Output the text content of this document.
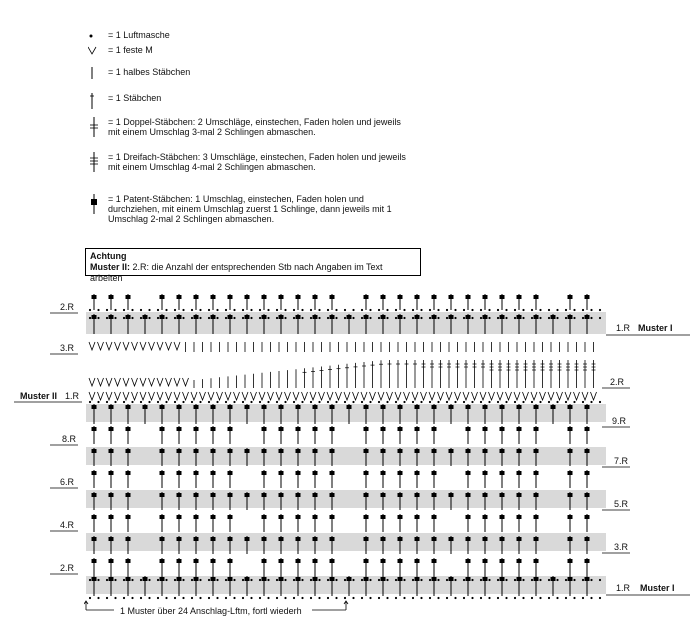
= 1 Luftmasche
= 1 feste M
= 1 halbes Stäbchen
= 1 Stäbchen
= 1 Doppel-Stäbchen: 2 Umschläge, einstechen, Faden holen und jeweils mit einem Umschlag 3-mal 2 Schlingen abmaschen.
= 1 Dreifach-Stäbchen: 3 Umschläge, einstechen, Faden holen und jeweils mit einem Umschlag 4-mal 2 Schlingen abmaschen.
= 1 Patent-Stäbchen: 1 Umschlag, einstechen, Faden holen und durchziehen, mit einem Umschlag zuerst 1 Schlinge, dann jeweils mit 1 Umschlag 2-mal 2 Schlingen abmaschen.
Achtung
Muster II: 2.R: die Anzahl der entsprechenden Stb nach Angaben im Text arbeiten
2.R
1.R Muster I
3.R
2.R
Muster II 1.R
9.R
8.R
7.R
6.R
5.R
4.R
3.R
2.R
1.R Muster I
1 Muster über 24 Anschlag-Lftm, fortl wiederh
